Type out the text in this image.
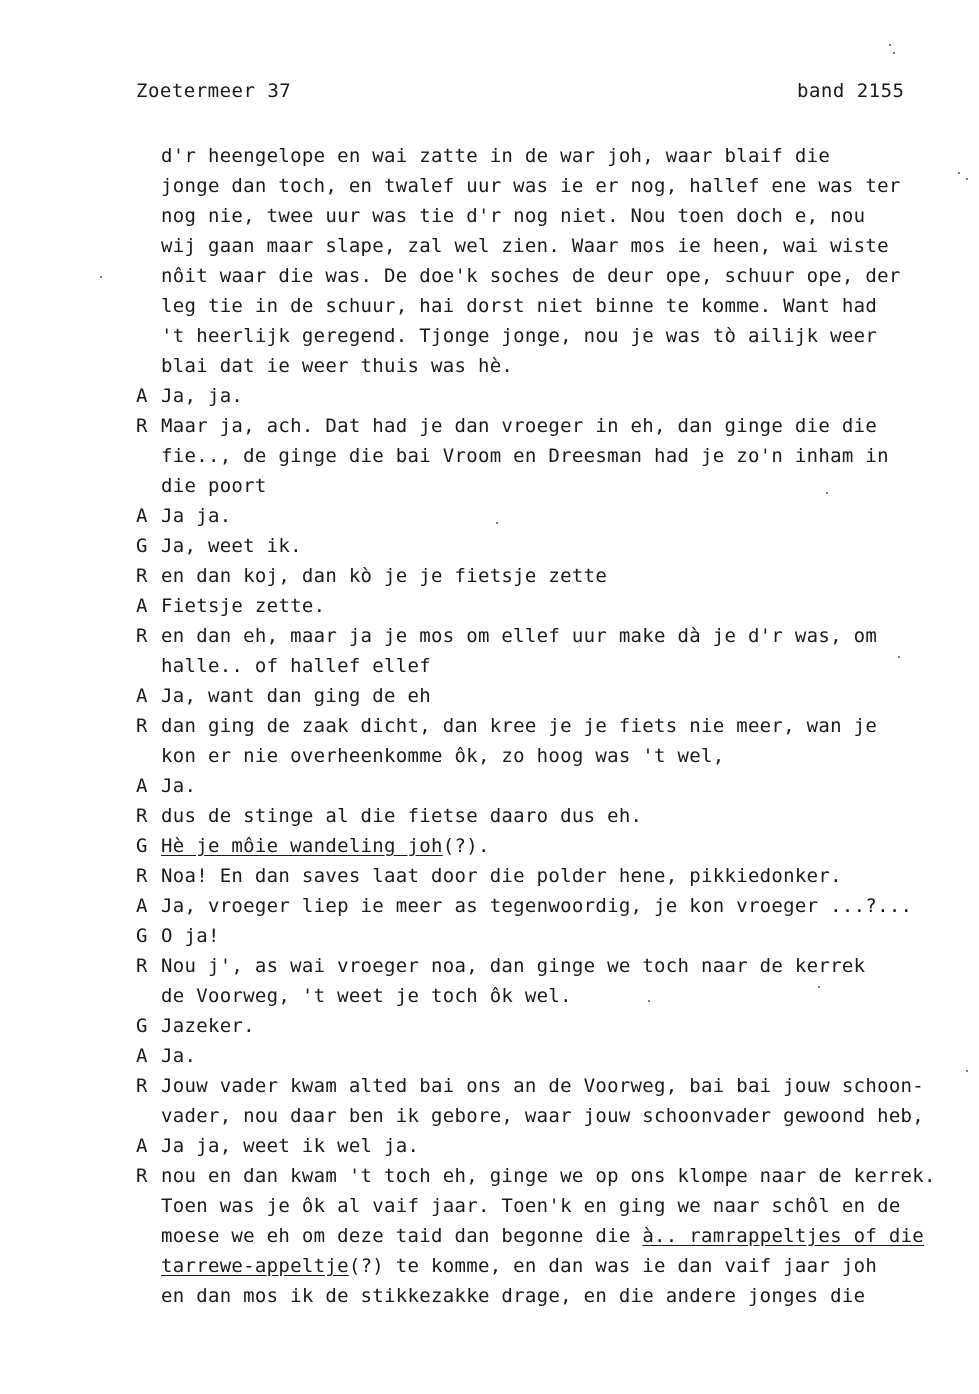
Zoetermeer 37	band 2155
d'r heengelope en wai zatte in de war joh, waar blaif die
jonge dan toch, en twalef uur was ie er nog, hallef ene was ter
nog nie, twee uur was tie d'r nog niet. Nou toen doch e, nou
wij gaan maar slape, zal wel zien. Waar mos ie heen, wai wiste
nôit waar die was. De doe'k soches de deur ope, schuur ope, der
leg tie in de schuur, hai dorst niet binne te komme. Want had
't heerlijk geregend. Tjonge jonge, nou je was tò ailijk weer
blai dat ie weer thuis was hè.
A Ja, ja.
R Maar ja, ach. Dat had je dan vroeger in eh, dan ginge die die
fie.., de ginge die bai Vroom en Dreesman had je zo'n inham in
die poort
A Ja ja.
G Ja, weet ik.
R en dan koj, dan kò je je fietsje zette
A Fietsje zette.
R en dan eh, maar ja je mos om ellef uur make dà je d'r was, om
halle.. of hallef ellef
A Ja, want dan ging de eh
R dan ging de zaak dicht, dan kree je je fiets nie meer, wan je
kon er nie overheenkomme ôk, zo hoog was 't wel,
A Ja.
R dus de stinge al die fietse daaro dus eh.
G Hè je môie wandeling joh(?).
R Noa! En dan saves laat door die polder hene, pikkiedonker.
A Ja, vroeger liep ie meer as tegenwoordig, je kon vroeger ...?...
G O ja!
R Nou j', as wai vroeger noa, dan ginge we toch naar de kerrek
de Voorweg, 't weet je toch ôk wel.
G Jazeker.
A Ja.
R Jouw vader kwam alted bai ons an de Voorweg, bai bai jouw schoon-
vader, nou daar ben ik gebore, waar jouw schoonvader gewoond heb,
A Ja ja, weet ik wel ja.
R nou en dan kwam 't toch eh, ginge we op ons klompe naar de kerrek.
Toen was je ôk al vaif jaar. Toen'k en ging we naar schôl en de
moese we eh om deze taid dan begonne die à.. ramrappeltjes of die
tarrewe-appeltje(?) te komme, en dan was ie dan vaif jaar joh
en dan mos ik de stikkezakke drage, en die andere jonges die
